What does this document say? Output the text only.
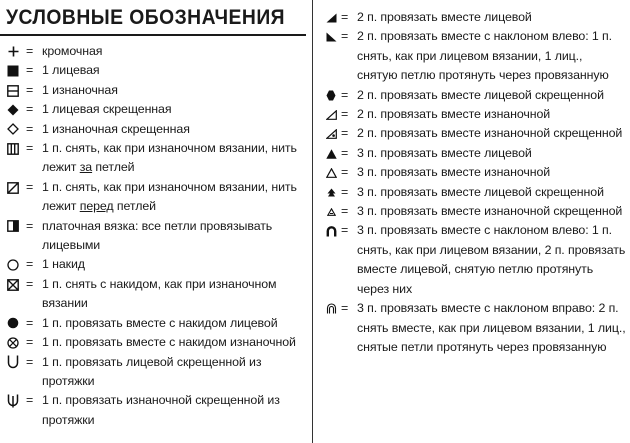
УСЛОВНЫЕ ОБОЗНАЧЕНИЯ
= кромочная
= 1 лицевая
= 1 изнаночная
= 1 лицевая скрещенная
= 1 изнаночная скрещенная
= 1 п. снять, как при изнаночном вязании, нить лежит за петлей
= 1 п. снять, как при изнаночном вязании, нить лежит перед петлей
= платочная вязка: все петли провязывать лицевыми
= 1 накид
= 1 п. снять с накидом, как при изнаночном вязании
= 1 п. провязать вместе с накидом лицевой
= 1 п. провязать вместе с накидом изнаночной
= 1 п. провязать лицевой скрещенной из протяжки
= 1 п. провязать изнаночной скрещенной из протяжки
= 2 п. провязать вместе лицевой
= 2 п. провязать вместе с наклоном влево: 1 п. снять, как при лицевом вязании, 1 лиц., снятую петлю протянуть через провязанную
= 2 п. провязать вместе лицевой скрещенной
= 2 п. провязать вместе изнаночной
= 2 п. провязать вместе изнаночной скрещенной
= 3 п. провязать вместе лицевой
= 3 п. провязать вместе изнаночной
= 3 п. провязать вместе лицевой скрещенной
= 3 п. провязать вместе изнаночной скрещенной
= 3 п. провязать вместе с наклоном влево: 1 п. снять, как при лицевом вязании, 2 п. провязать вместе лицевой, снятую петлю протянуть через них
= 3 п. провязать вместе с наклоном вправо: 2 п. снять вместе, как при лицевом вязании, 1 лиц., снятые петли протянуть через провязанную
